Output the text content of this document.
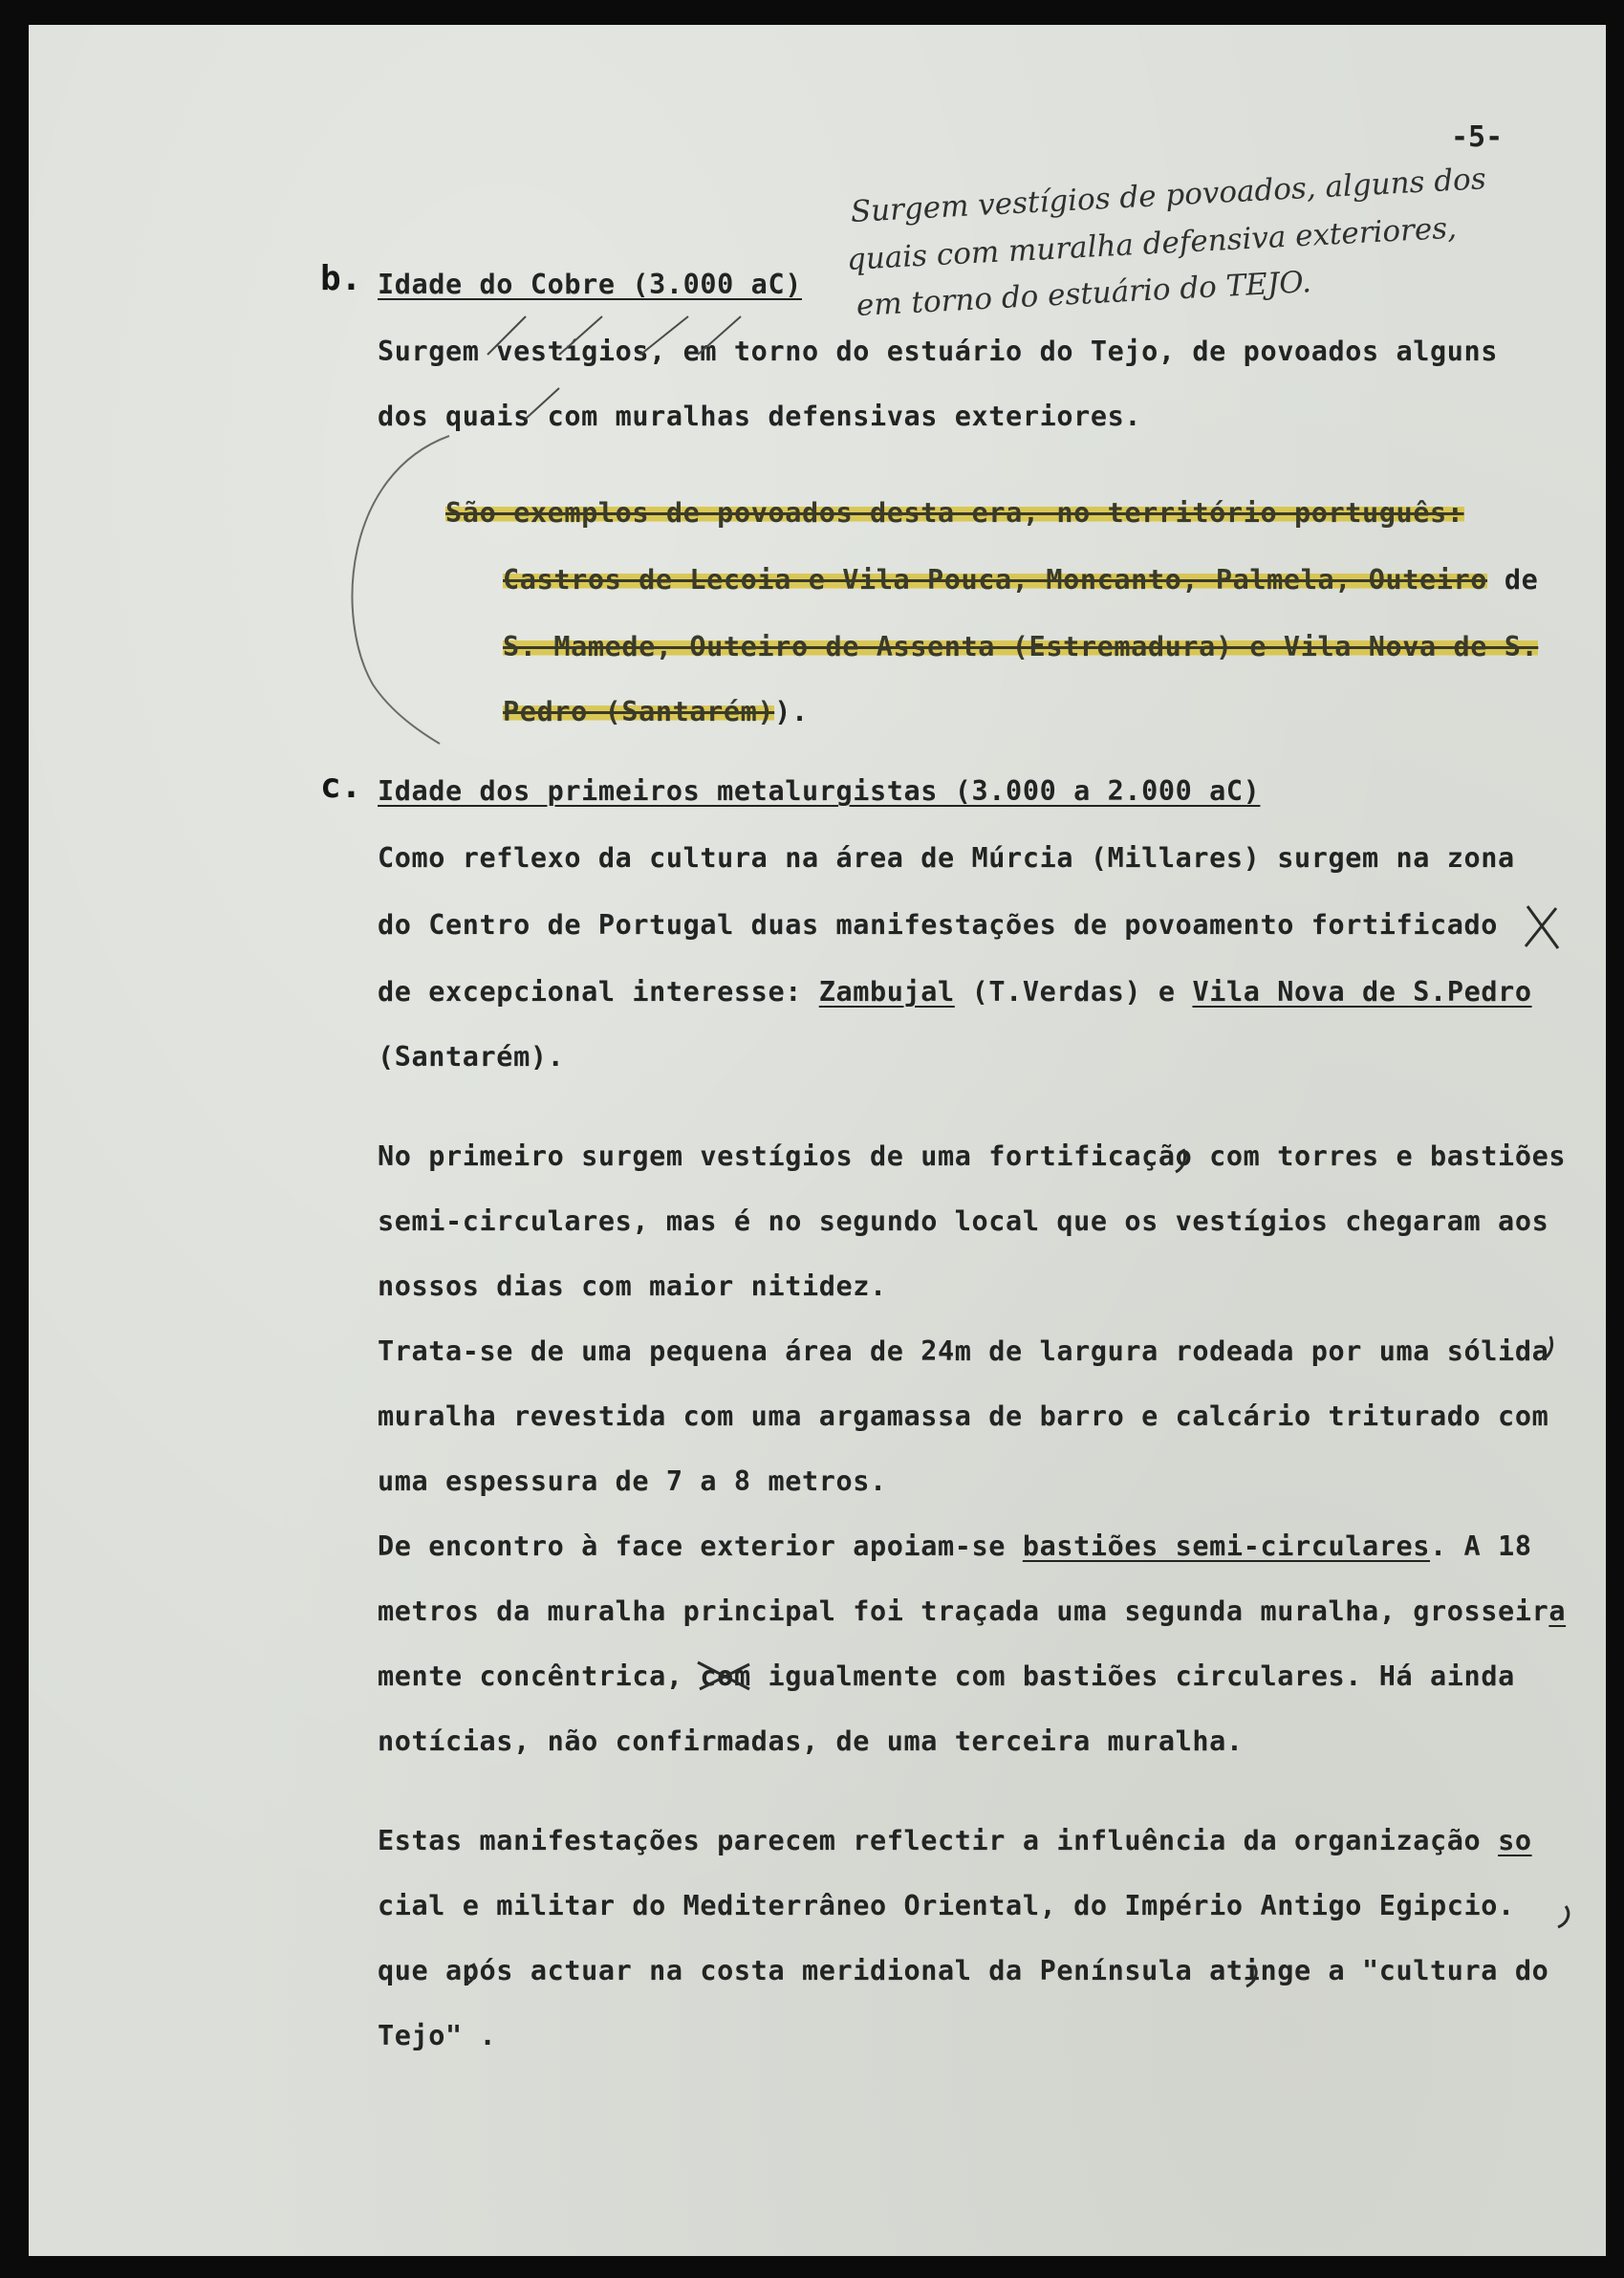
-5-
Surgem vestígios de povoados, alguns dos
quais com muralha defensiva exteriores,
em torno do estuário do TEJO.
b. Idade do Cobre (3.000 aC)
Surgem vestígios, em torno do estuário do Tejo, de povoados alguns
dos quais com muralhas defensivas exteriores.

São exemplos de povoados desta era, no território português:

Castros de Lecoia e Vila Pouca, Moncanto, Palmela, Outeiro de

S. Mamede, Outeiro de Assenta (Estremadura) e Vila Nova de S.

Pedro (Santarém)).

c. Idade dos primeiros metalurgistas (3.000 a 2.000 aC)
Como reflexo da cultura na área de Múrcia (Millares) surgem na zona
do Centro de Portugal duas manifestações de povoamento fortificado
de excepcional interesse: Zambujal (T.Verdas) e Vila Nova de S.Pedro
(Santarém).
No primeiro surgem vestígios de uma fortificação com torres e bastiões
semi-circulares, mas é no segundo local que os vestígios chegaram aos
nossos dias com maior nitidez.
Trata-se de uma pequena área de 24m de largura rodeada por uma sólida
muralha revestida com uma argamassa de barro e calcário triturado com
uma espessura de 7 a 8 metros.
De encontro à face exterior apoiam-se bastiões semi-circulares. A 18
metros da muralha principal foi traçada uma segunda muralha, grosseira
mente concêntrica, com
igualmente com bastiões circulares. Há ainda
notícias, não confirmadas, de uma terceira muralha.
Estas manifestações parecem reflectir a influência da organização so
cial e militar do Mediterrâneo Oriental, do Império Antigo Egipcio.
que após actuar na costa meridional da Península atinge a "cultura do
Tejo" .
